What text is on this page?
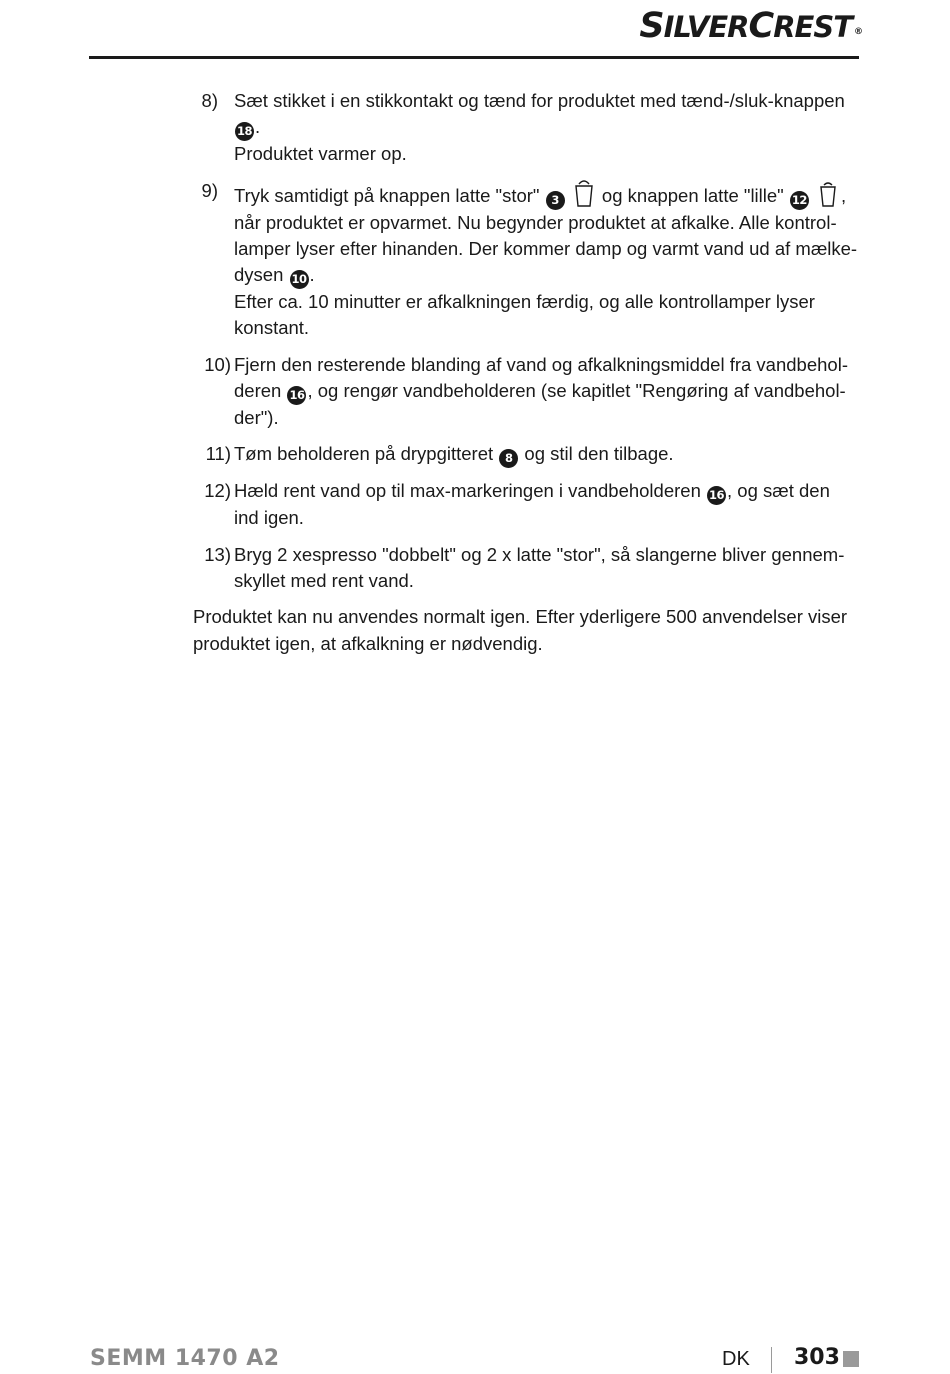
SILVERCREST ®
8) Sæt stikket i en stikkontakt og tænd for produktet med tænd-/sluk-knappen 18 .
Produktet varmer op.
9) Tryk samtidigt på knappen latte "stor" 3  og knappen latte "lille" 12 ,
når produktet er opvarmet. Nu begynder produktet at afkalke. Alle kontrol-
lamper lyser efter hinanden. Der kommer damp og varmt vand ud af mælke-
dysen 10 .
Efter ca. 10 minutter er afkalkningen færdig, og alle kontrollamper lyser
konstant.
10) Fjern den resterende blanding af vand og afkalkningsmiddel fra vandbehol-
deren 16 , og rengør vandbeholderen (se kapitlet "Rengøring af vandbehol-
der").
11) Tøm beholderen på drypgitteret 8 og stil den tilbage.
12) Hæld rent vand op til max-markeringen i vandbeholderen 16 , og sæt den
ind igen.
13) Bryg 2 xespresso "dobbelt" og 2 x latte "stor", så slangerne bliver gennem-
skyllet med rent vand.
Produktet kan nu anvendes normalt igen. Efter yderligere 500 anvendelser viser
produktet igen, at afkalkning er nødvendig.
SEMM 1470 A2	DK 303
